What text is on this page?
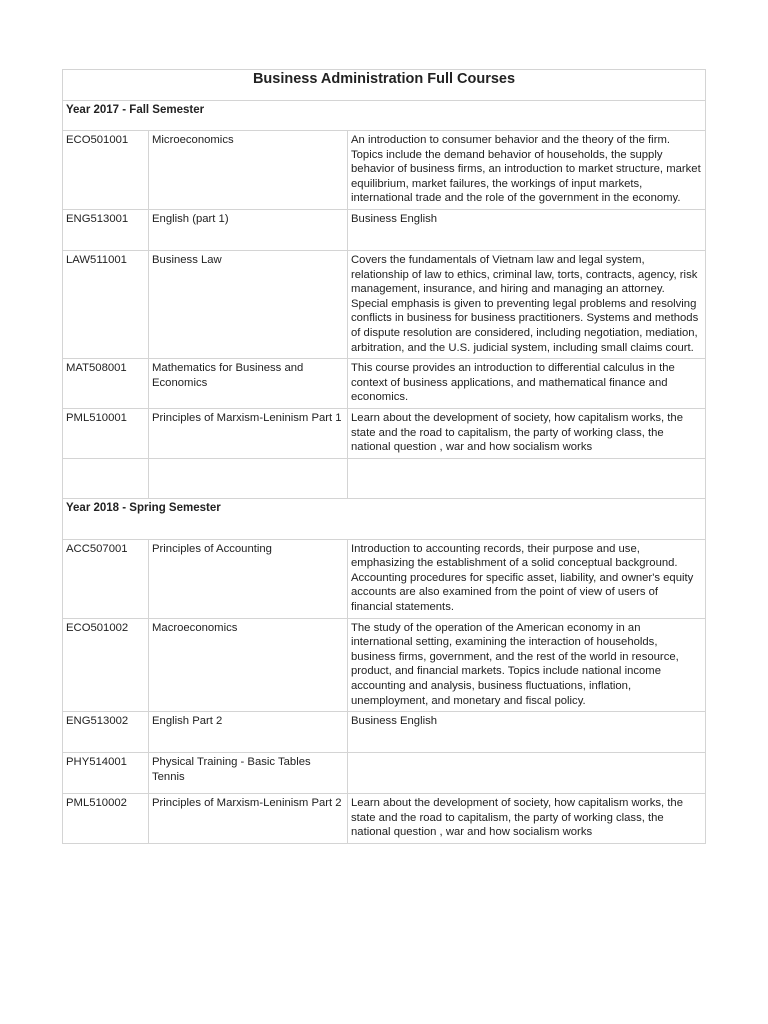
Business Administration Full Courses		
Year 2017 - Fall Semester		
ECO501001	Microeconomics	An introduction to consumer behavior and the theory of the firm. Topics include the demand behavior of households, the supply behavior of business firms, an introduction to market structure, market equilibrium, market failures, the workings of input markets, international trade and the role of the government in the economy.
ENG513001	English (part 1)	Business English
LAW511001	Business Law	Covers the fundamentals of Vietnam law and legal system, relationship of law to ethics, criminal law, torts, contracts, agency, risk management, insurance, and hiring and managing an attorney. Special emphasis is given to preventing legal problems and resolving conflicts in business for business practitioners. Systems and methods of dispute resolution are considered, including negotiation, mediation, arbitration, and the U.S. judicial system, including small claims court.
MAT508001	Mathematics for Business and Economics	This course provides an introduction to differential calculus in the context of business applications, and mathematical finance and economics.
PML510001	Principles of Marxism-Leninism Part 1	Learn about the development of society, how capitalism works, the state and the road to capitalism, the party of working class, the national question , war and how socialism works

Year 2018 - Spring Semester		
ACC507001	Principles of Accounting	Introduction to accounting records, their purpose and use, emphasizing the establishment of a solid conceptual background. Accounting procedures for specific asset, liability, and owner's equity accounts are also examined from the point of view of users of financial statements.
ECO501002	Macroeconomics	The study of the operation of the American economy in an international setting, examining the interaction of households, business firms, government, and the rest of the world in resource, product, and financial markets. Topics include national income accounting and analysis, business fluctuations, inflation, unemployment, and monetary and fiscal policy.
ENG513002	English Part 2	Business English
PHY514001	Physical Training - Basic Tables Tennis	
PML510002	Principles of Marxism-Leninism Part 2	Learn about the development of society, how capitalism works, the state and the road to capitalism, the party of working class, the national question , war and how socialism works
